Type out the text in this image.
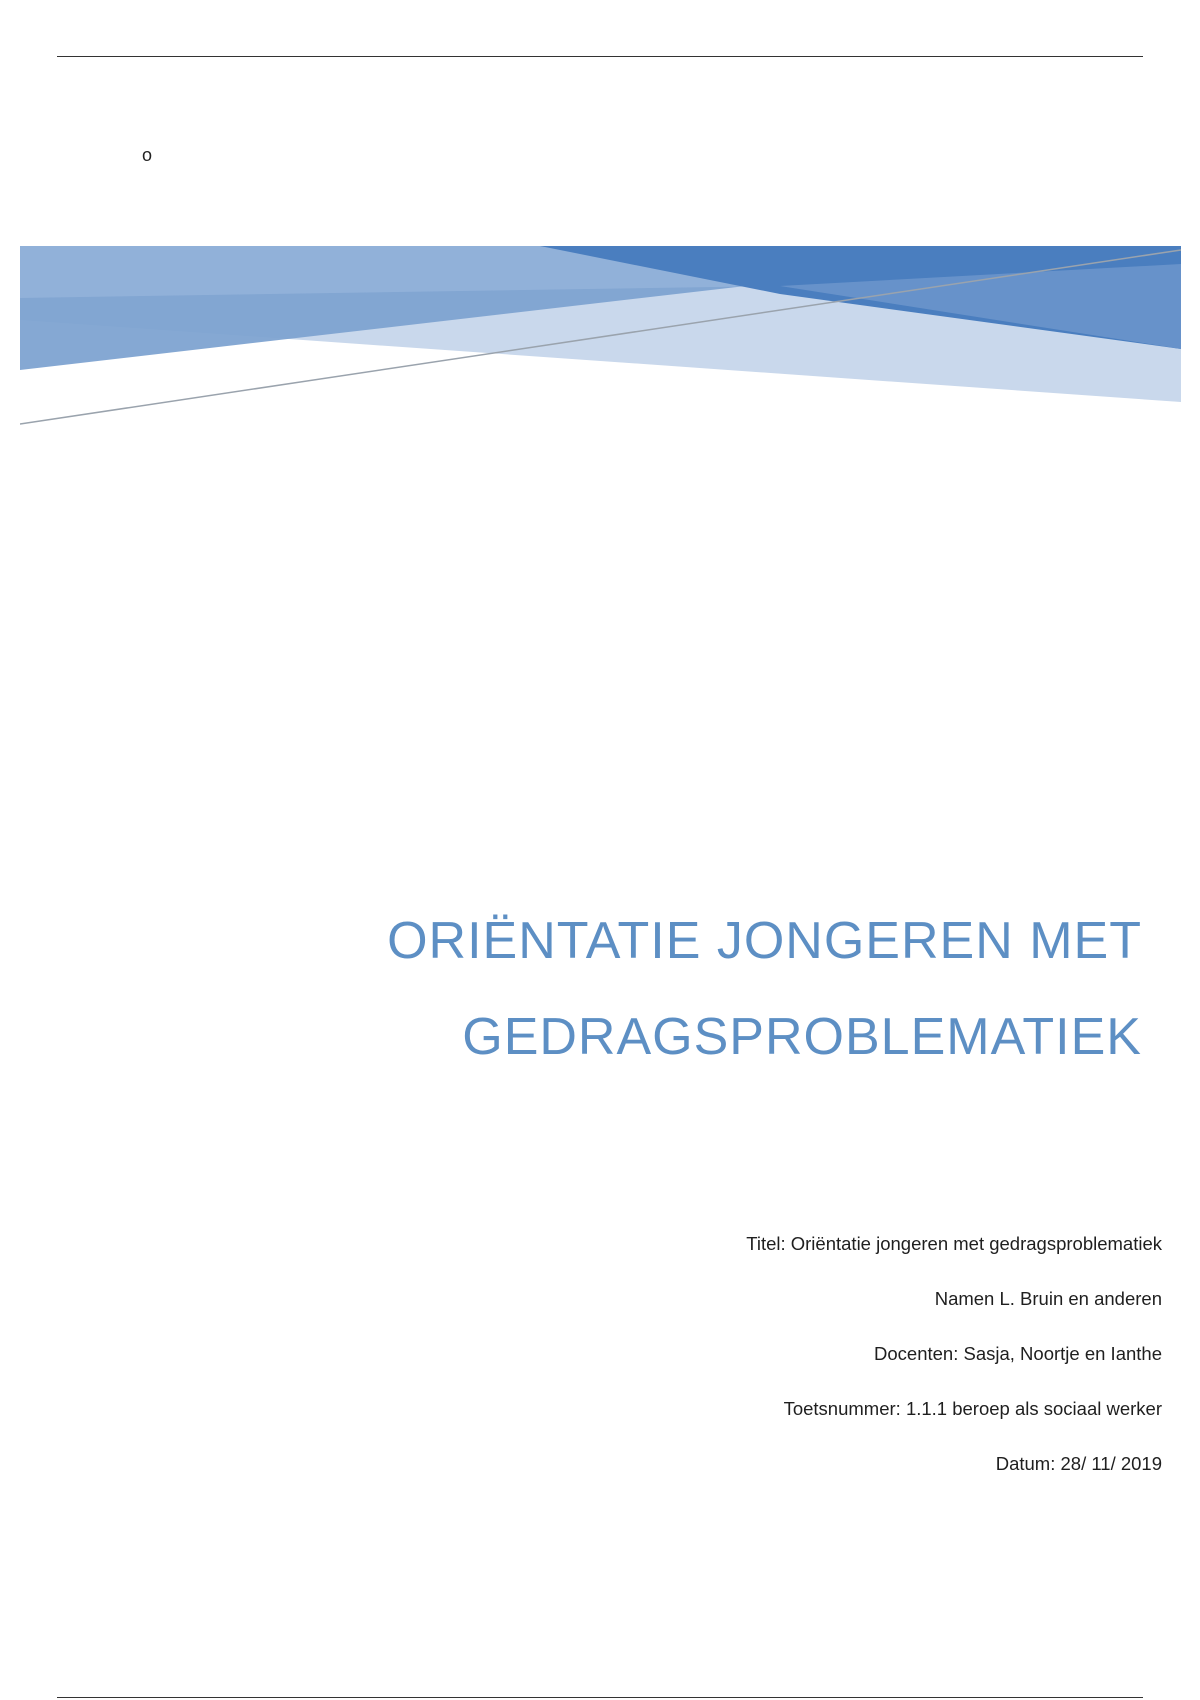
o
ORIËNTATIE JONGEREN MET
GEDRAGSPROBLEMATIEK
Titel: Oriëntatie jongeren met gedragsproblematiek
Namen L. Bruin en anderen
Docenten: Sasja, Noortje en Ianthe
Toetsnummer: 1.1.1 beroep als sociaal werker
Datum: 28/ 11/ 2019
